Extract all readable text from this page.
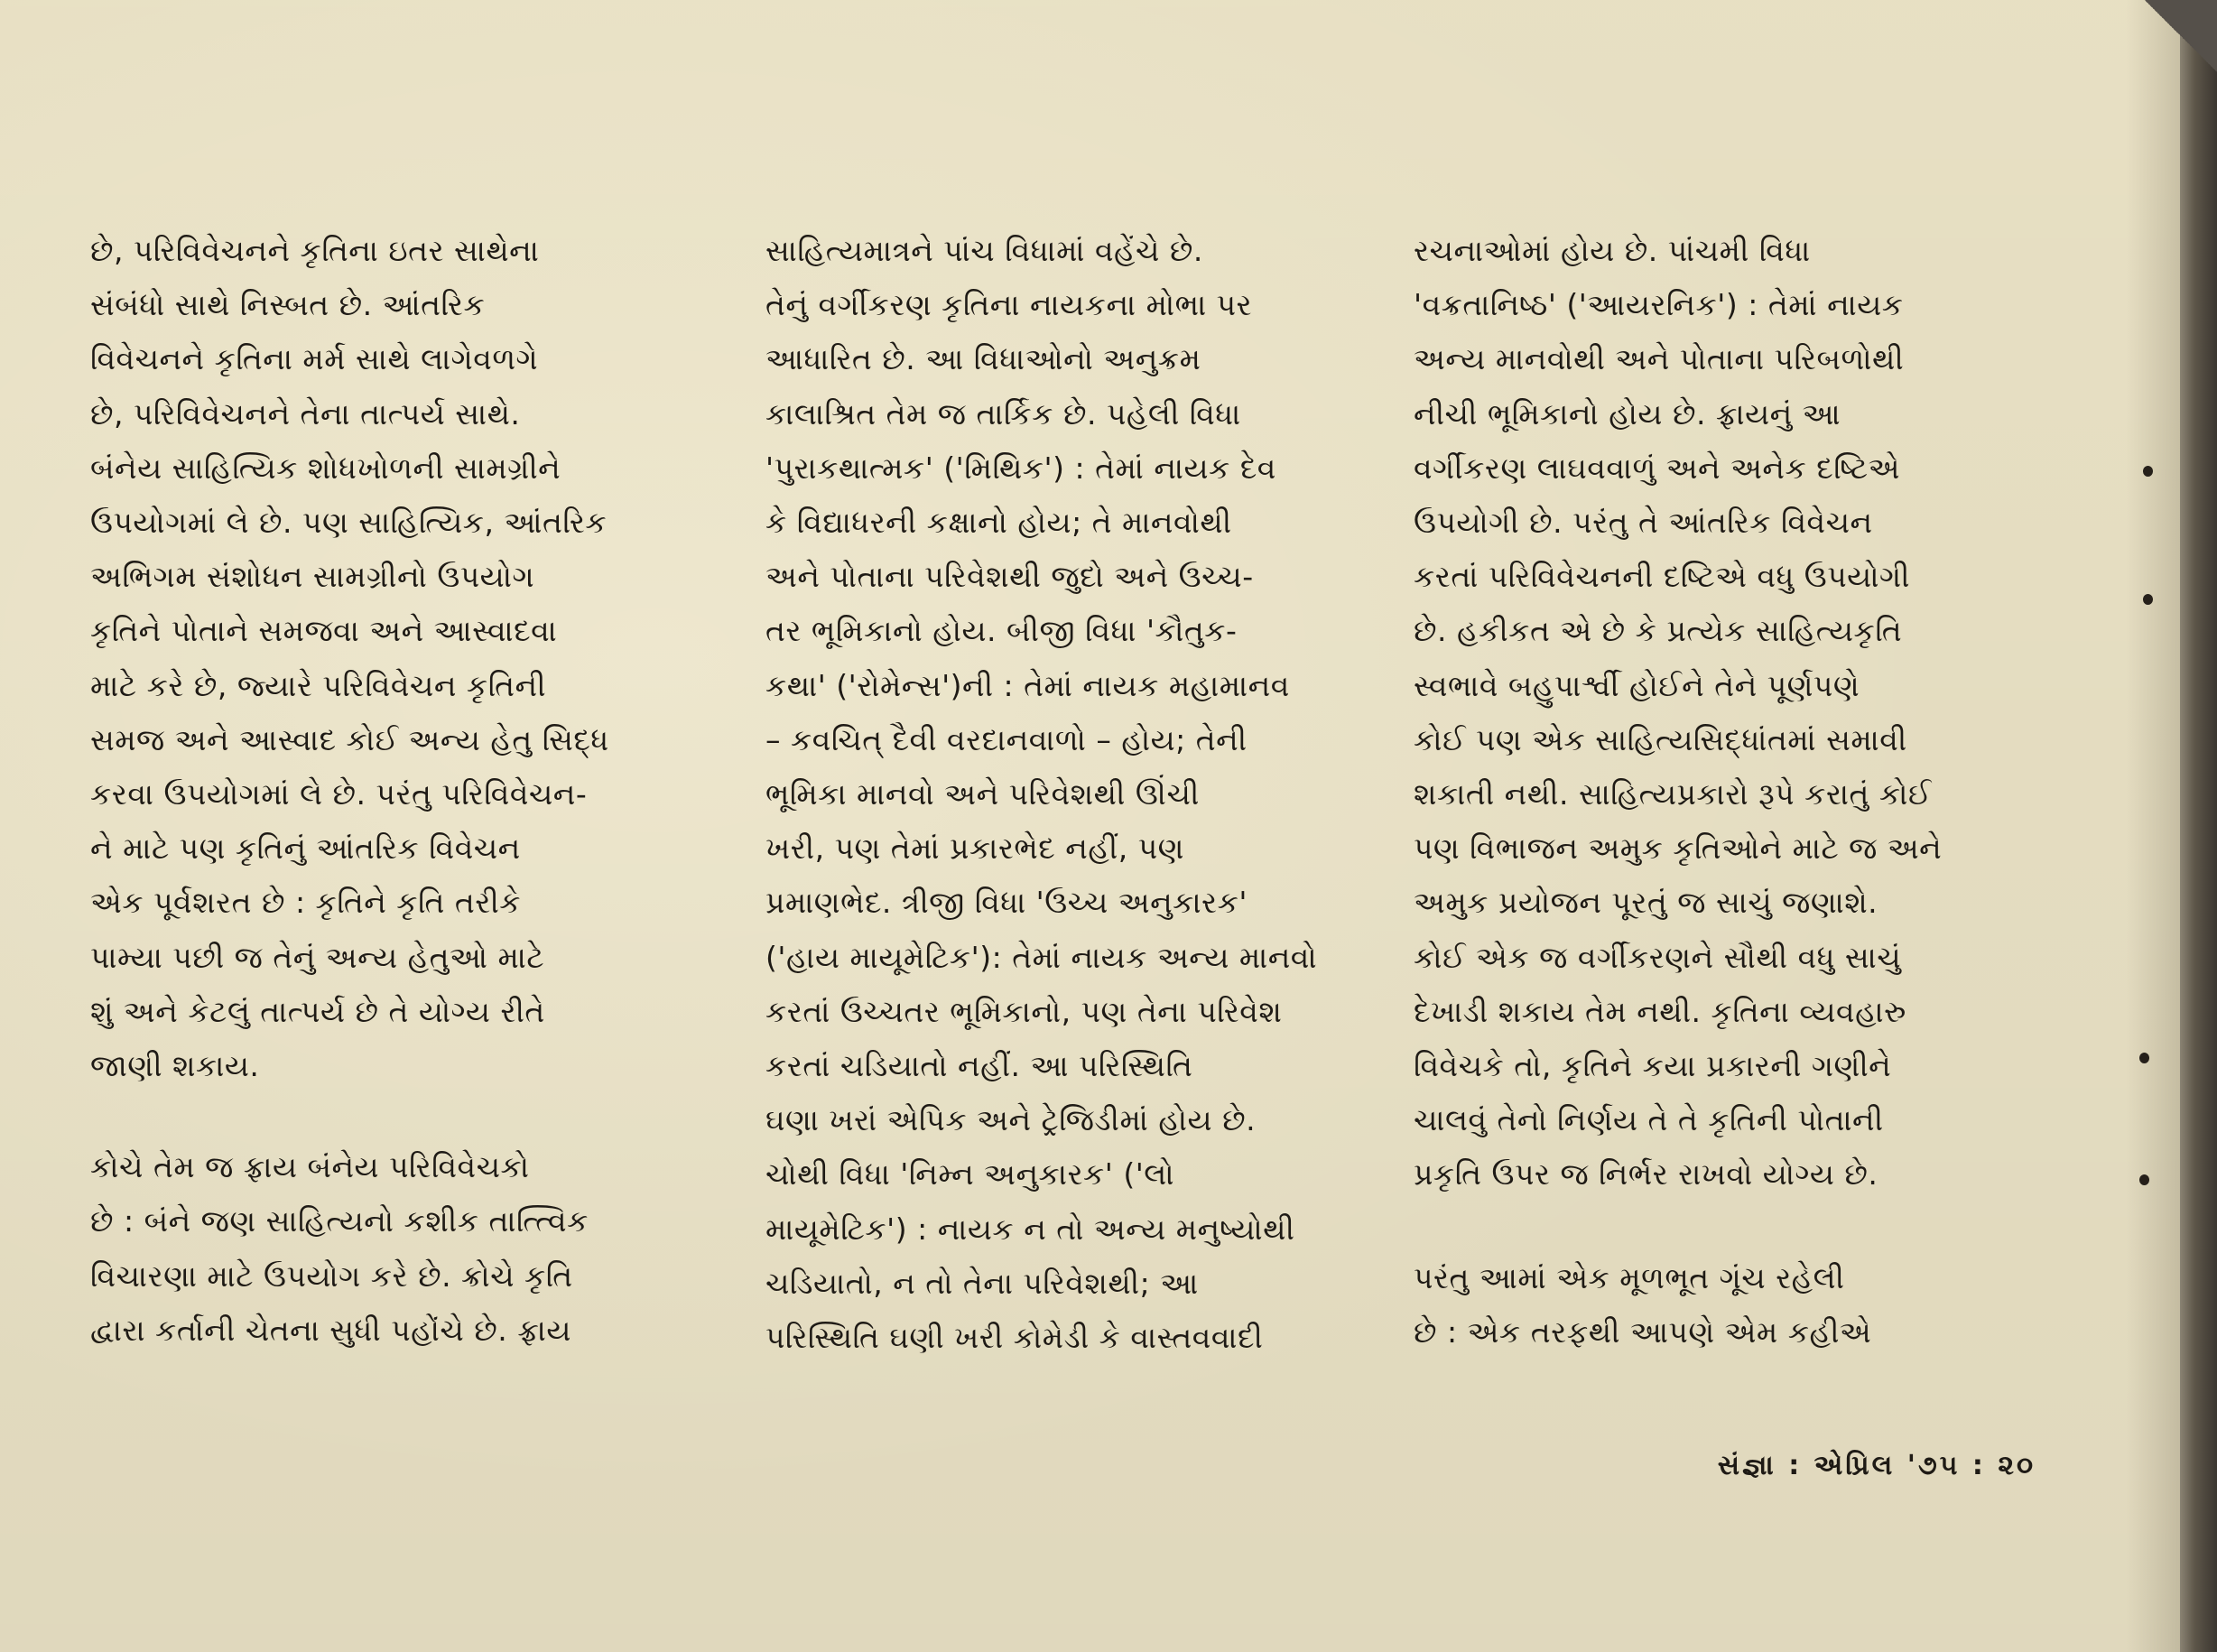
છે, પરિવિવેચનને કૃતિના ઇતર સાથેના
સંબંધો સાથે નિસ્બત છે. આંતરિક
વિવેચનને કૃતિના મર્મ સાથે લાગેવળગે
છે, પરિવિવેચનને તેના તાત્પર્ય સાથે.
બંનેય સાહિત્યિક શોધખોળની સામગ્રીને
ઉપયોગમાં લે છે. પણ સાહિત્યિક, આંતરિક
અભિગમ સંશોધન સામગ્રીનો ઉપયોગ
કૃતિને પોતાને સમજવા અને આસ્વાદવા
માટે કરે છે, જ્યારે પરિવિવેચન કૃતિની
સમજ અને આસ્વાદ કોઈ અન્ય હેતુ સિદ્ધ
કરવા ઉપયોગમાં લે છે. પરંતુ પરિવિવેચન-
ને માટે પણ કૃતિનું આંતરિક વિવેચન
એક પૂર્વશરત છે : કૃતિને કૃતિ તરીકે
પામ્યા પછી જ તેનું અન્ય હેતુઓ માટે
શું અને કેટલું તાત્પર્ય છે તે યોગ્ય રીતે
જાણી શકાય.

કોચે તેમ જ ફ્રાય બંનેય પરિવિવેચકો
છે : બંને જણ સાહિત્યનો કશીક તાત્ત્વિક
વિચારણા માટે ઉપયોગ કરે છે. ક્રોચે કૃતિ
દ્વારા કર્તાની ચેતના સુધી પહોંચે છે. ફ્રાય

સાહિત્યમાત્રને પાંચ વિધામાં વહેંચે છે.
તેનું વર્ગીકરણ કૃતિના નાયકના મોભા પર
આધારિત છે. આ વિધાઓનો અનુક્રમ
કાલાશ્રિત તેમ જ તાર્કિક છે. પહેલી વિધા
'પુરાકથાત્મક' ('મિથિક') : તેમાં નાયક દેવ
કે વિદ્યાધરની કક્ષાનો હોય; તે માનવોથી
અને પોતાના પરિવેશથી જુદો અને ઉચ્ચ-
તર ભૂમિકાનો હોય. બીજી વિધા 'કૌતુક-
કથા' ('રોમેન્સ')ની : તેમાં નાયક મહામાનવ
– કવચિત્ દૈવી વરદાનવાળો – હોય; તેની
ભૂમિકા માનવો અને પરિવેશથી ઊંચી
ખરી, પણ તેમાં પ્રકારભેદ નહીં, પણ
પ્રમાણભેદ. ત્રીજી વિધા 'ઉચ્ચ અનુકારક'
('હાય માયૂમેટિક'): તેમાં નાયક અન્ય માનવો
કરતાં ઉચ્ચતર ભૂમિકાનો, પણ તેના પરિવેશ
કરતાં ચડિયાતો નહીં. આ પરિસ્થિતિ
ઘણા ખરાં એપિક અને ટ્રેજિડીમાં હોય છે.
ચોથી વિધા 'નિમ્ન અનુકારક' ('લો
માયૂમેટિક') : નાયક ન તો અન્ય મનુષ્યોથી
ચડિયાતો, ન તો તેના પરિવેશથી; આ
પરિસ્થિતિ ઘણી ખરી કોમેડી કે વાસ્તવવાદી

રચનાઓમાં હોય છે. પાંચમી વિધા
'વક્રતાનિષ્ઠ' ('આયરનિક') : તેમાં નાયક
અન્ય માનવોથી અને પોતાના પરિબળોથી
નીચી ભૂમિકાનો હોય છે. ફ્રાયનું આ
વર્ગીકરણ લાઘવવાળું અને અનેક દષ્ટિએ
ઉપયોગી છે. પરંતુ તે આંતરિક વિવેચન
કરતાં પરિવિવેચનની દષ્ટિએ વધુ ઉપયોગી
છે. હકીકત એ છે કે પ્રત્યેક સાહિત્યકૃતિ
સ્વભાવે બહુપાર્શ્વી હોઈને તેને પૂર્ણપણે
કોઈ પણ એક સાહિત્યસિદ્ધાંતમાં સમાવી
શકાતી નથી. સાહિત્યપ્રકારો રૂપે કરાતું કોઈ
પણ વિભાજન અમુક કૃતિઓને માટે જ અને
અમુક પ્રયોજન પૂરતું જ સાચું જણાશે.
કોઈ એક જ વર્ગીકરણને સૌથી વધુ સાચું
દેખાડી શકાય તેમ નથી. કૃતિના વ્યવહારુ
વિવેચકે તો, કૃતિને કયા પ્રકારની ગણીને
ચાલવું તેનો નિર્ણય તે તે કૃતિની પોતાની
પ્રકૃતિ ઉપર જ નિર્ભર રાખવો યોગ્ય છે.

પરંતુ આમાં એક મૂળભૂત ગૂંચ રહેલી
છે : એક તરફથી આપણે એમ કહીએ

સંજ્ઞા : એપ્રિલ '૭૫ : ૨૦
